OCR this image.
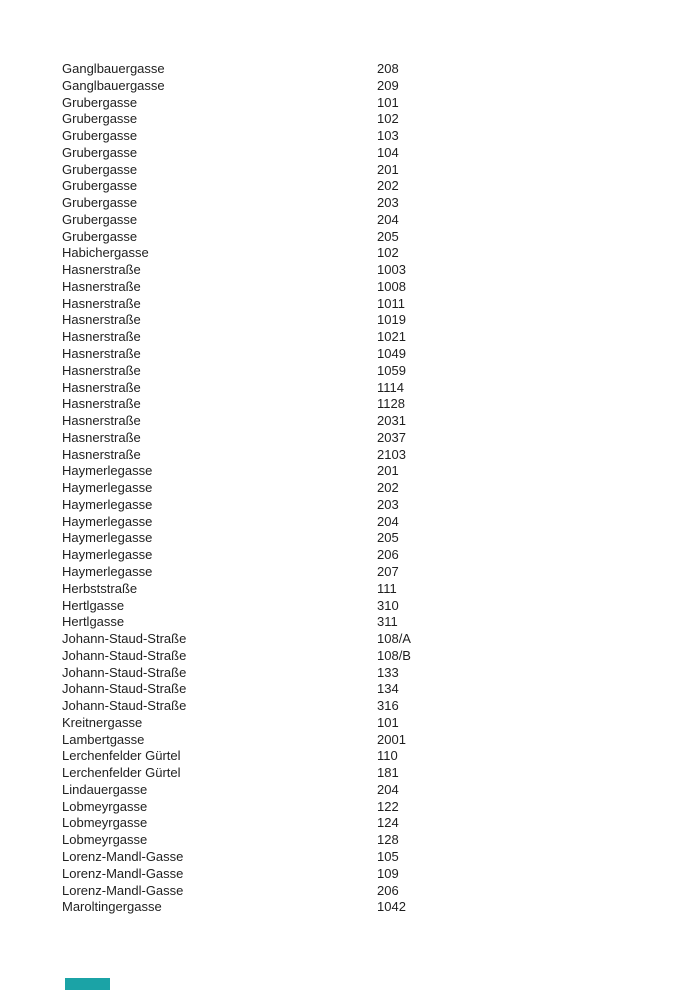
Ganglbauergasse	208
Ganglbauergasse	209
Grubergasse	101
Grubergasse	102
Grubergasse	103
Grubergasse	104
Grubergasse	201
Grubergasse	202
Grubergasse	203
Grubergasse	204
Grubergasse	205
Habichergasse	102
Hasnerstraße	1003
Hasnerstraße	1008
Hasnerstraße	1011
Hasnerstraße	1019
Hasnerstraße	1021
Hasnerstraße	1049
Hasnerstraße	1059
Hasnerstraße	1114
Hasnerstraße	1128
Hasnerstraße	2031
Hasnerstraße	2037
Hasnerstraße	2103
Haymerlegasse	201
Haymerlegasse	202
Haymerlegasse	203
Haymerlegasse	204
Haymerlegasse	205
Haymerlegasse	206
Haymerlegasse	207
Herbststraße	111
Hertlgasse	310
Hertlgasse	311
Johann-Staud-Straße	108/A
Johann-Staud-Straße	108/B
Johann-Staud-Straße	133
Johann-Staud-Straße	134
Johann-Staud-Straße	316
Kreitnergasse	101
Lambertgasse	2001
Lerchenfelder Gürtel	110
Lerchenfelder Gürtel	181
Lindauergasse	204
Lobmeyrgasse	122
Lobmeyrgasse	124
Lobmeyrgasse	128
Lorenz-Mandl-Gasse	105
Lorenz-Mandl-Gasse	109
Lorenz-Mandl-Gasse	206
Maroltingergasse	1042
